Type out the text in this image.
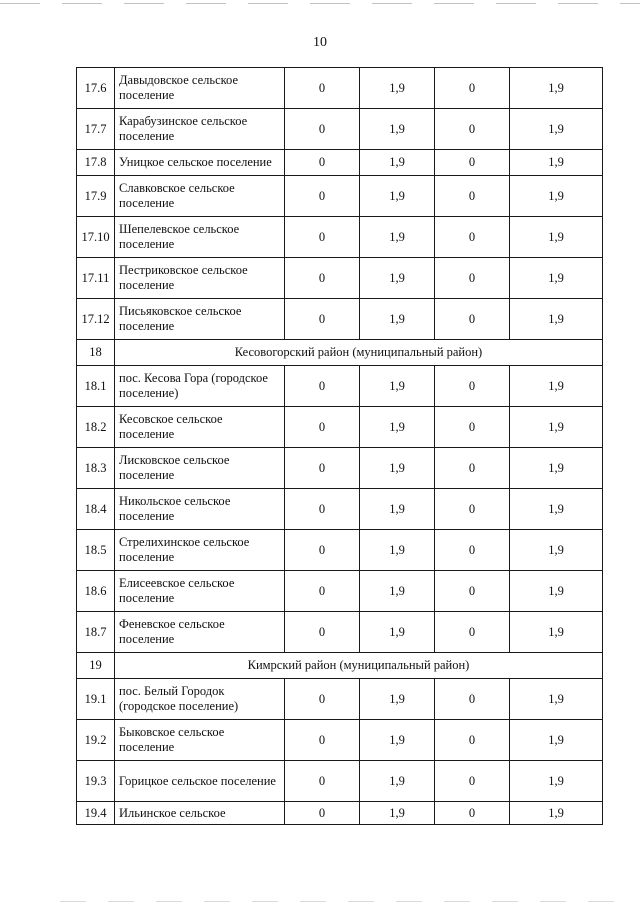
10
17.6	Давыдовское сельское поселение	0	1,9	0	1,9
17.7	Карабузинское сельское поселение	0	1,9	0	1,9
17.8	Уницкое сельское поселение	0	1,9	0	1,9
17.9	Славковское сельское поселение	0	1,9	0	1,9
17.10	Шепелевское сельское поселение	0	1,9	0	1,9
17.11	Пестриковское сельское поселение	0	1,9	0	1,9
17.12	Письяковское сельское поселение	0	1,9	0	1,9
18	Кесовогорский район (муниципальный район)				
18.1	пос. Кесова Гора (городское поселение)	0	1,9	0	1,9
18.2	Кесовское сельское поселение	0	1,9	0	1,9
18.3	Лисковское сельское поселение	0	1,9	0	1,9
18.4	Никольское сельское поселение	0	1,9	0	1,9
18.5	Стрелихинское сельское поселение	0	1,9	0	1,9
18.6	Елисеевское сельское поселение	0	1,9	0	1,9
18.7	Феневское сельское поселение	0	1,9	0	1,9
19	Кимрский район (муниципальный район)				
19.1	пос. Белый Городок (городское поселение)	0	1,9	0	1,9
19.2	Быковское сельское поселение	0	1,9	0	1,9
19.3	Горицкое сельское поселение	0	1,9	0	1,9
19.4	Ильинское сельское	0	1,9	0	1,9
